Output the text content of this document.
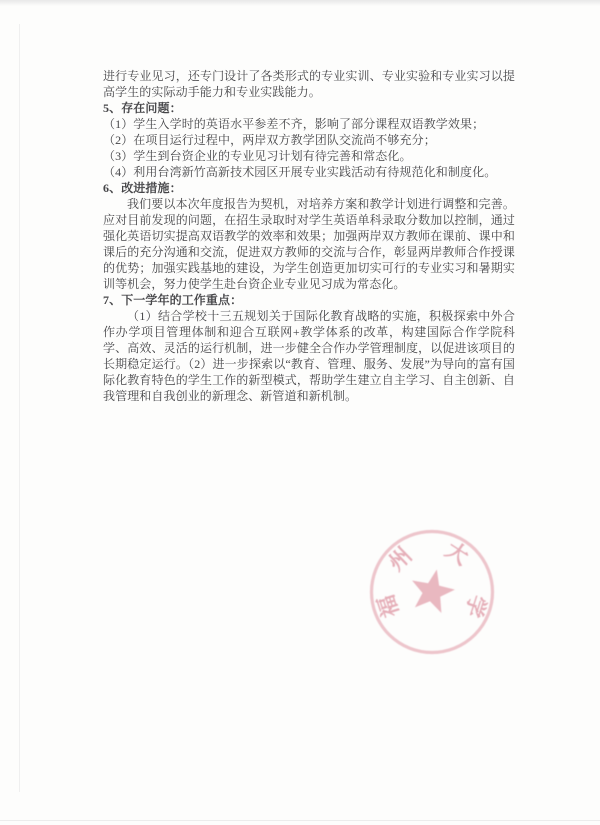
进行专业见习，还专门设计了各类形式的专业实训、专业实验和专业实习以提高学生的实际动手能力和专业实践能力。

5、存在问题：

（1）学生入学时的英语水平参差不齐，影响了部分课程双语教学效果；

（2）在项目运行过程中，两岸双方教学团队交流尚不够充分；

（3）学生到台资企业的专业见习计划有待完善和常态化。

（4）利用台湾新竹高新技术园区开展专业实践活动有待规范化和制度化。

6、改进措施：

我们要以本次年度报告为契机，对培养方案和教学计划进行调整和完善。应对目前发现的问题，在招生录取时对学生英语单科录取分数加以控制，通过强化英语切实提高双语教学的效率和效果；加强两岸双方教师在课前、课中和课后的充分沟通和交流，促进双方教师的交流与合作，彰显两岸教师合作授课的优势；加强实践基地的建设，为学生创造更加切实可行的专业实习和暑期实训等机会，努力使学生赴台资企业专业见习成为常态化。

7、下一学年的工作重点：

（1）结合学校十三五规划关于国际化教育战略的实施，积极探索中外合作办学项目管理体制和迎合互联网+教学体系的改革，构建国际合作学院科学、高效、灵活的运行机制，进一步健全合作办学管理制度，以促进该项目的长期稳定运行。（2）进一步探索以“教育、管理、服务、发展”为导向的富有国际化教育特色的学生工作的新型模式，帮助学生建立自主学习、自主创新、自我管理和自我创业的新理念、新管道和新机制。

福
州 大
学
